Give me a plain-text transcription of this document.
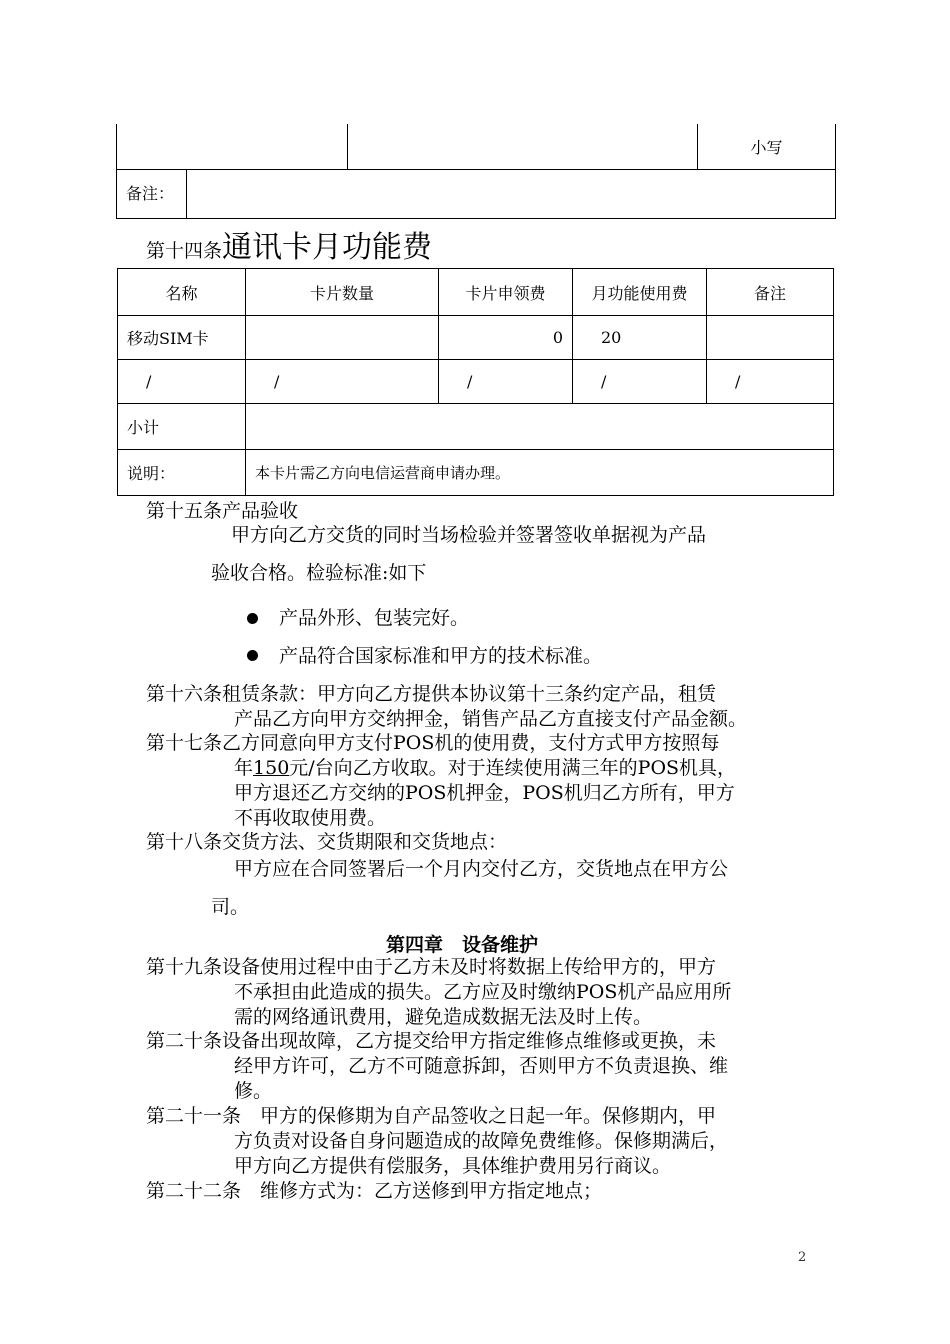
		小写

备注：
第十四条通讯卡月功能费
名称	卡片数量	卡片申领费	月功能使用费	备注
移动SIM卡		0	20	
/	/	/	/	/
小计				
说明：	本卡片需乙方向电信运营商申请办理。			
第十五条产品验收
甲方向乙方交货的同时当场检验并签署签收单据视为产品
验收合格。检验标准:如下
产品外形、包装完好。
产品符合国家标准和甲方的技术标准。
第十六条租赁条款：甲方向乙方提供本协议第十三条约定产品，租赁
产品乙方向甲方交纳押金，销售产品乙方直接支付产品金额。
第十七条乙方同意向甲方支付POS机的使用费，支付方式甲方按照每
年150元/台向乙方收取。对于连续使用满三年的POS机具，
甲方退还乙方交纳的POS机押金，POS机归乙方所有，甲方
不再收取使用费。
第十八条交货方法、交货期限和交货地点：
甲方应在合同签署后一个月内交付乙方，交货地点在甲方公
司。
第四章　设备维护
第十九条设备使用过程中由于乙方未及时将数据上传给甲方的，甲方
不承担由此造成的损失。乙方应及时缴纳POS机产品应用所
需的网络通讯费用，避免造成数据无法及时上传。
第二十条设备出现故障，乙方提交给甲方指定维修点维修或更换，未
经甲方许可，乙方不可随意拆卸，否则甲方不负责退换、维
修。
第二十一条　甲方的保修期为自产品签收之日起一年。保修期内，甲
方负责对设备自身问题造成的故障免费维修。保修期满后，
甲方向乙方提供有偿服务，具体维护费用另行商议。
第二十二条　维修方式为：乙方送修到甲方指定地点；
2
